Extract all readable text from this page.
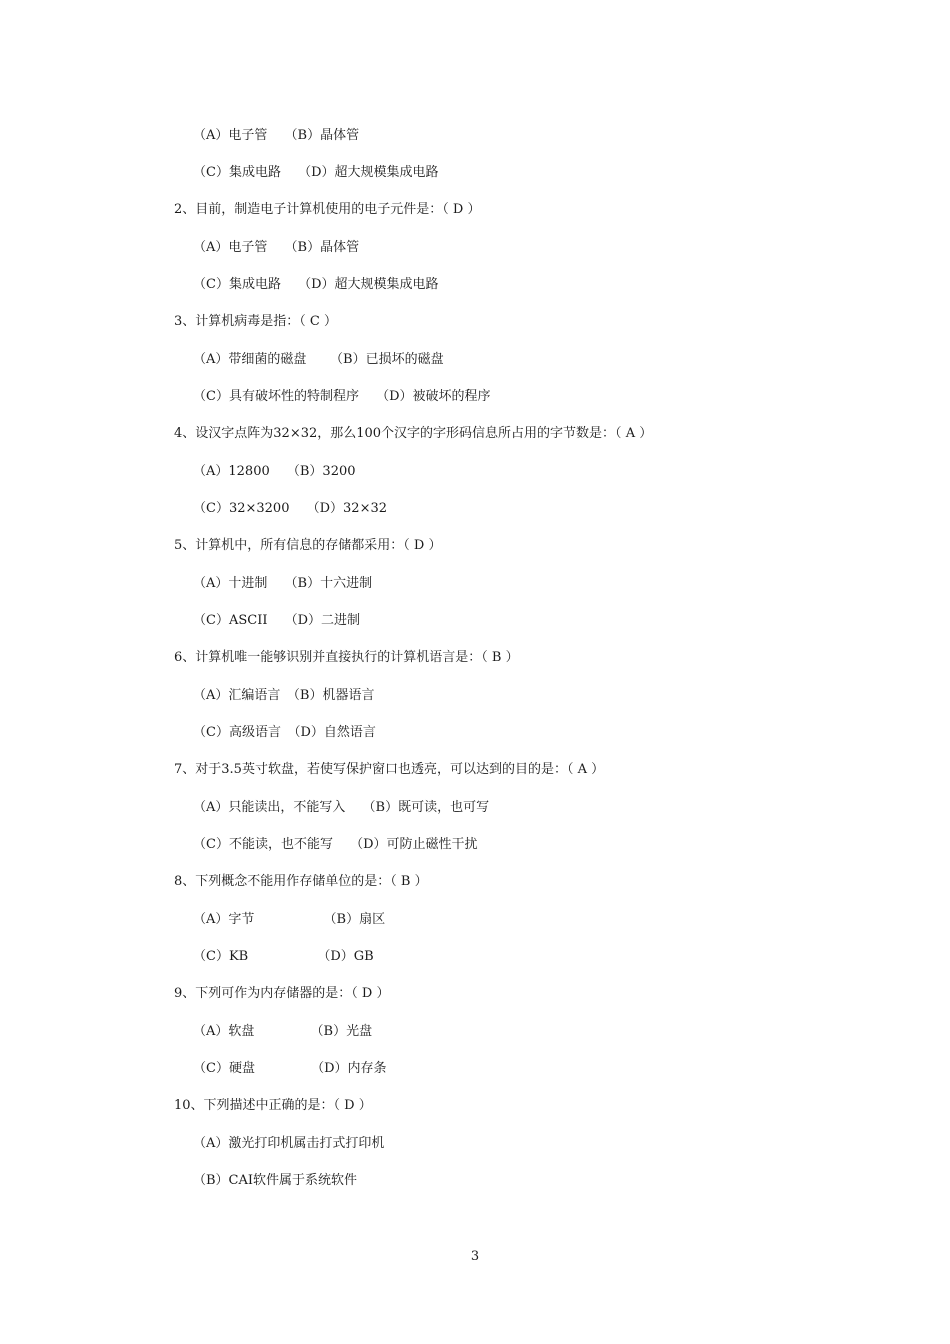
（A）电子管　 （B）晶体管
（C）集成电路　 （D）超大规模集成电路
2、目前，制造电子计算机使用的电子元件是：（ D ）
（A）电子管　 （B）晶体管
（C）集成电路　 （D）超大规模集成电路
3、计算机病毒是指：（ C ）
（A）带细菌的磁盘　 　（B）已损坏的磁盘
（C）具有破坏性的特制程序　 （D）被破坏的程序
4、设汉字点阵为32×32，那么100个汉字的字形码信息所占用的字节数是：（ A ）
（A）12800　 （B）3200
（C）32×3200　 （D）32×32
5、计算机中，所有信息的存储都采用：（ D ）
（A）十进制　 （B）十六进制
（C）ASCII　 （D）二进制
6、计算机唯一能够识别并直接执行的计算机语言是：（ B ）
（A）汇编语言　（B）机器语言
（C）高级语言　（D）自然语言
7、对于3.5英寸软盘，若使写保护窗口也透亮，可以达到的目的是：（ A ）
（A）只能读出，不能写入　 （B）既可读，也可写
（C）不能读，也不能写　 （D）可防止磁性干扰
8、下列概念不能用作存储单位的是：（ B ）
（A）字节　　　　　 （B）扇区
（C）KB　　　　　 （D）GB
9、下列可作为内存储器的是：（ D ）
（A）软盘　　　　 （B）光盘
（C）硬盘　　　　 （D）内存条
10、下列描述中正确的是：（ D ）
（A）激光打印机属击打式打印机
（B）CAI软件属于系统软件
3
